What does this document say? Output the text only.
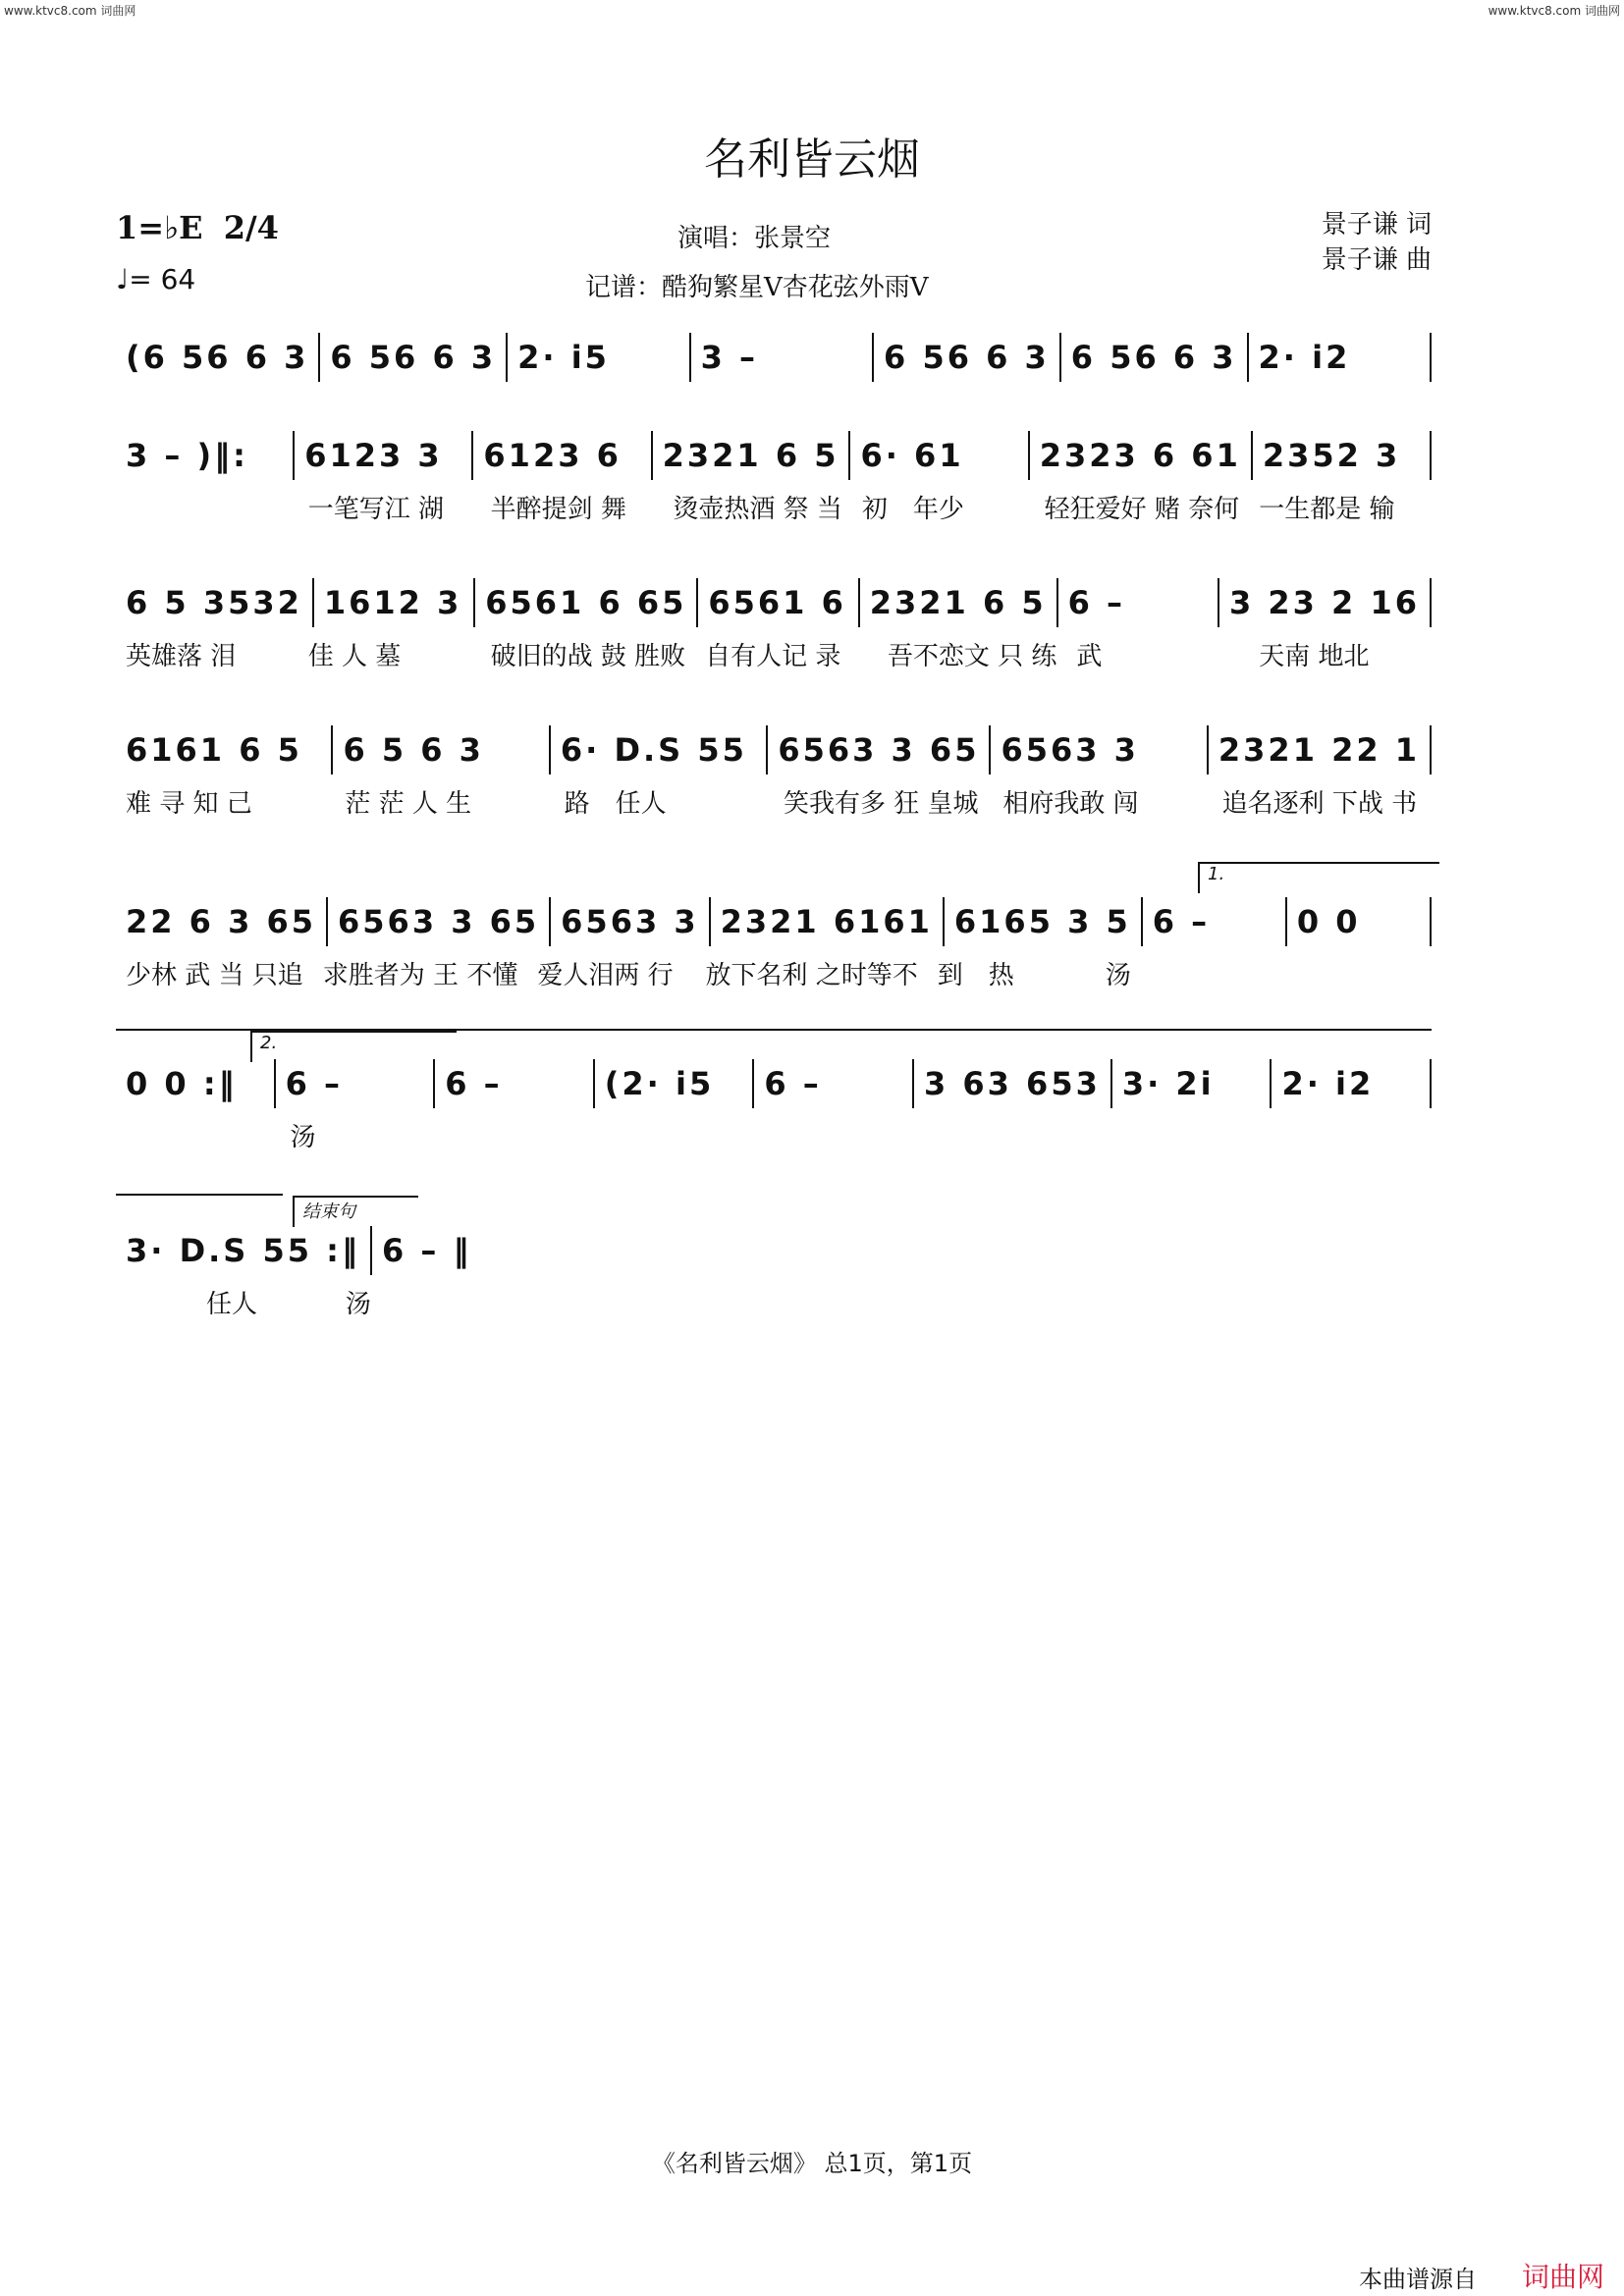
www.ktvc8.com 词曲网	www.ktvc8.com 词曲网
名利皆云烟
1=♭E 2/4
♩= 64
演唱：张景空
记谱：酷狗繁星V杏花弦外雨V
景子谦 词
景子谦 曲
(6 56 6 3 6 56 6 3 2· i5	3 –	6 56 6 3 6 56 6 3 2· i2
3 – )‖:	6123 3	6123 6	2321 6 5 6· 61	2323 6 61 2352 3
一笔写江 湖	半醉提剑 舞	烫壶热酒 祭 当 初　年少	轻狂爱好 赌 奈何 一生都是 输
6 5 3532 1612 3 6561 6 65 6561 6 2321 6 5 6 –	3 23 2 16
英雄落 泪	佳 人 墓	破旧的战 鼓 胜败 自有人记 录	吾不恋文 只 练 武	天南 地北
6161 6 5	6 5 6 3	6· D.S 55 6563 3 65 6563 3	2321 22 1
难 寻 知 己	茫 茫 人 生	路　任人	笑我有多 狂 皇城 相府我敢 闯	追名逐利 下战 书
1.
22 6 3 65 6563 3 65 6563 3 2321 6161 6165 3 5 6 –	0 0
少林 武 当 只追 求胜者为 王 不懂 爱人泪两 行	放下名利 之时等不 到　热	汤
2.
0 0 :‖	6 –	6 –	(2· i5	6 –	3 63 653 3· 2i	2· i2
汤
结束句
3· D.S 55 :‖ 6 – ‖
任人	汤
《名利皆云烟》 总1页，第1页
本曲谱源自 词曲网
